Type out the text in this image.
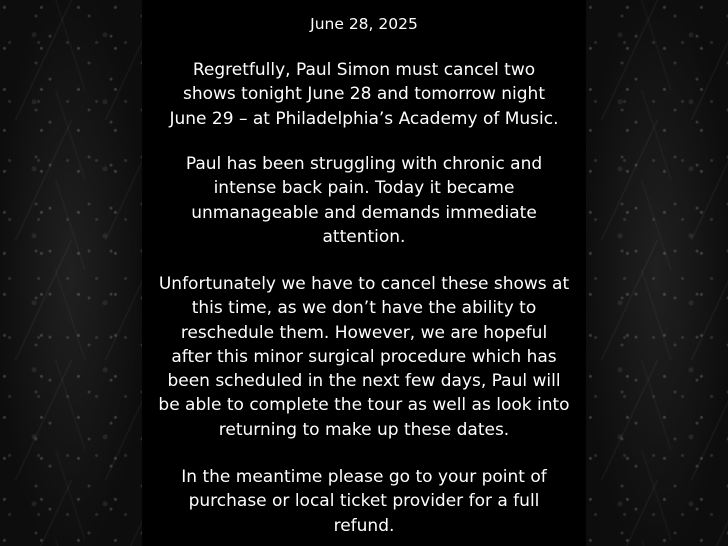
June 28, 2025

Regretfully, Paul Simon must cancel two
shows tonight June 28 and tomorrow night
June 29 – at Philadelphia’s Academy of Music.

Paul has been struggling with chronic and
intense back pain. Today it became
unmanageable and demands immediate
attention.

Unfortunately we have to cancel these shows at
this time, as we don’t have the ability to
reschedule them. However, we are hopeful
after this minor surgical procedure which has
been scheduled in the next few days, Paul will
be able to complete the tour as well as look into
returning to make up these dates.

In the meantime please go to your point of
purchase or local ticket provider for a full
refund.
